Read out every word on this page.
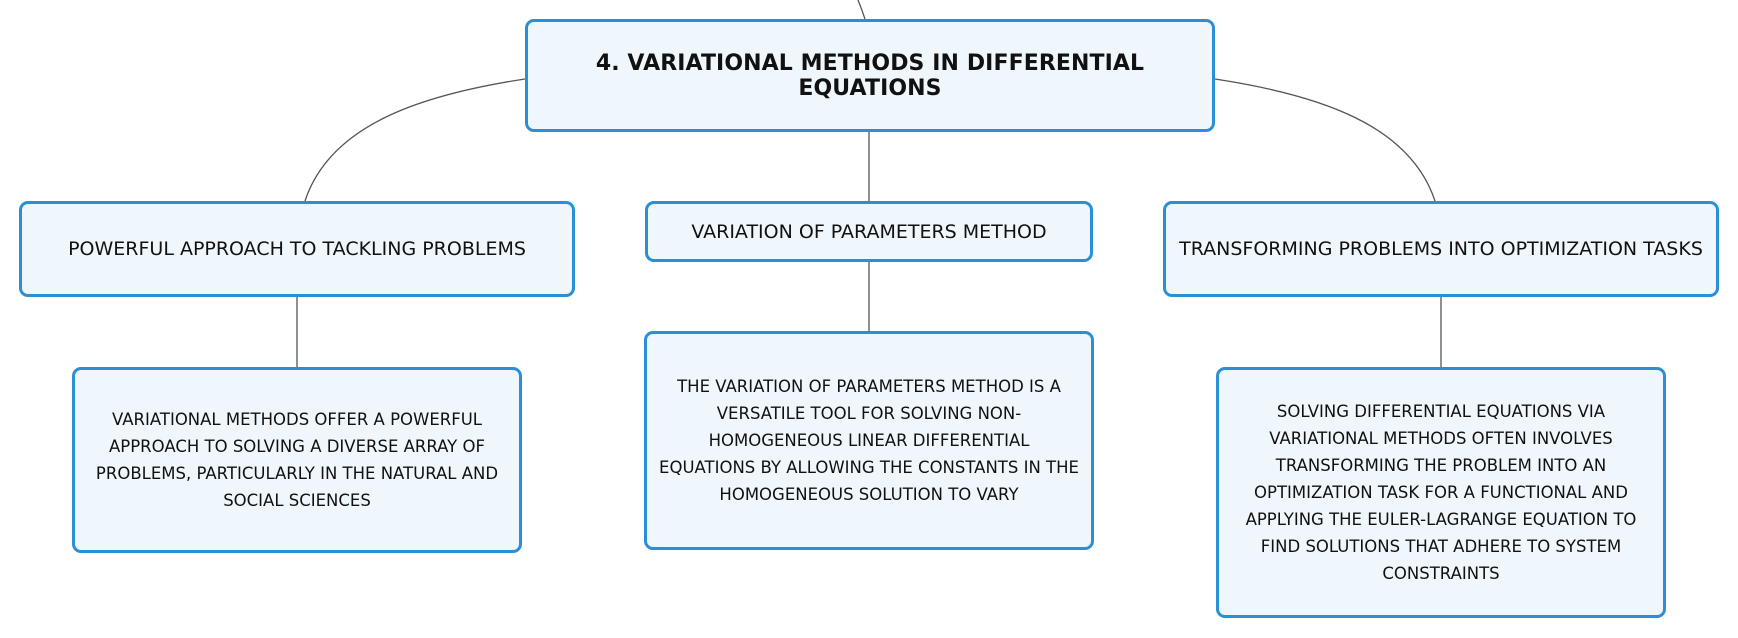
4. VARIATIONAL METHODS IN DIFFERENTIAL EQUATIONS
POWERFUL APPROACH TO TACKLING PROBLEMS
VARIATION OF PARAMETERS METHOD
TRANSFORMING PROBLEMS INTO OPTIMIZATION TASKS
VARIATIONAL METHODS OFFER A POWERFUL APPROACH TO SOLVING A DIVERSE ARRAY OF PROBLEMS, PARTICULARLY IN THE NATURAL AND SOCIAL SCIENCES
THE VARIATION OF PARAMETERS METHOD IS A VERSATILE TOOL FOR SOLVING NON-HOMOGENEOUS LINEAR DIFFERENTIAL EQUATIONS BY ALLOWING THE CONSTANTS IN THE HOMOGENEOUS SOLUTION TO VARY
SOLVING DIFFERENTIAL EQUATIONS VIA VARIATIONAL METHODS OFTEN INVOLVES TRANSFORMING THE PROBLEM INTO AN OPTIMIZATION TASK FOR A FUNCTIONAL AND APPLYING THE EULER-LAGRANGE EQUATION TO FIND SOLUTIONS THAT ADHERE TO SYSTEM CONSTRAINTS
